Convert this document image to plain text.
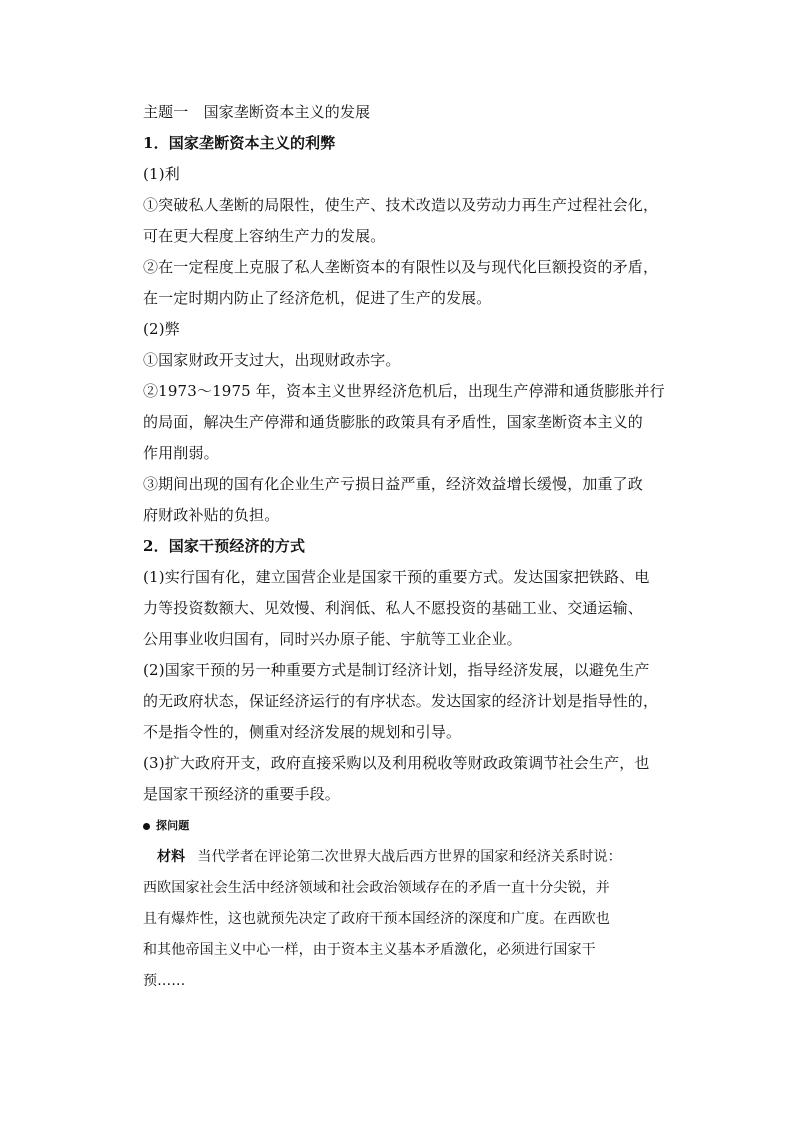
主题一　国家垄断资本主义的发展
1．国家垄断资本主义的利弊
(1)利
①突破私人垄断的局限性，使生产、技术改造以及劳动力再生产过程社会化，
可在更大程度上容纳生产力的发展。
②在一定程度上克服了私人垄断资本的有限性以及与现代化巨额投资的矛盾，
在一定时期内防止了经济危机，促进了生产的发展。
(2)弊
①国家财政开支过大，出现财政赤字。
②1973～1975 年，资本主义世界经济危机后，出现生产停滞和通货膨胀并行
的局面，解决生产停滞和通货膨胀的政策具有矛盾性，国家垄断资本主义的
作用削弱。
③期间出现的国有化企业生产亏损日益严重，经济效益增长缓慢，加重了政
府财政补贴的负担。
2．国家干预经济的方式
(1)实行国有化，建立国营企业是国家干预的重要方式。发达国家把铁路、电
力等投资数额大、见效慢、利润低、私人不愿投资的基础工业、交通运输、
公用事业收归国有，同时兴办原子能、宇航等工业企业。
(2)国家干预的另一种重要方式是制订经济计划，指导经济发展，以避免生产
的无政府状态，保证经济运行的有序状态。发达国家的经济计划是指导性的，
不是指令性的，侧重对经济发展的规划和引导。
(3)扩大政府开支，政府直接采购以及利用税收等财政政策调节社会生产，也
是国家干预经济的重要手段。
探问题
材料 当代学者在评论第二次世界大战后西方世界的国家和经济关系时说：
西欧国家社会生活中经济领域和社会政治领域存在的矛盾一直十分尖锐，并
且有爆炸性，这也就预先决定了政府干预本国经济的深度和广度。在西欧也
和其他帝国主义中心一样，由于资本主义基本矛盾激化，必须进行国家干
预……
